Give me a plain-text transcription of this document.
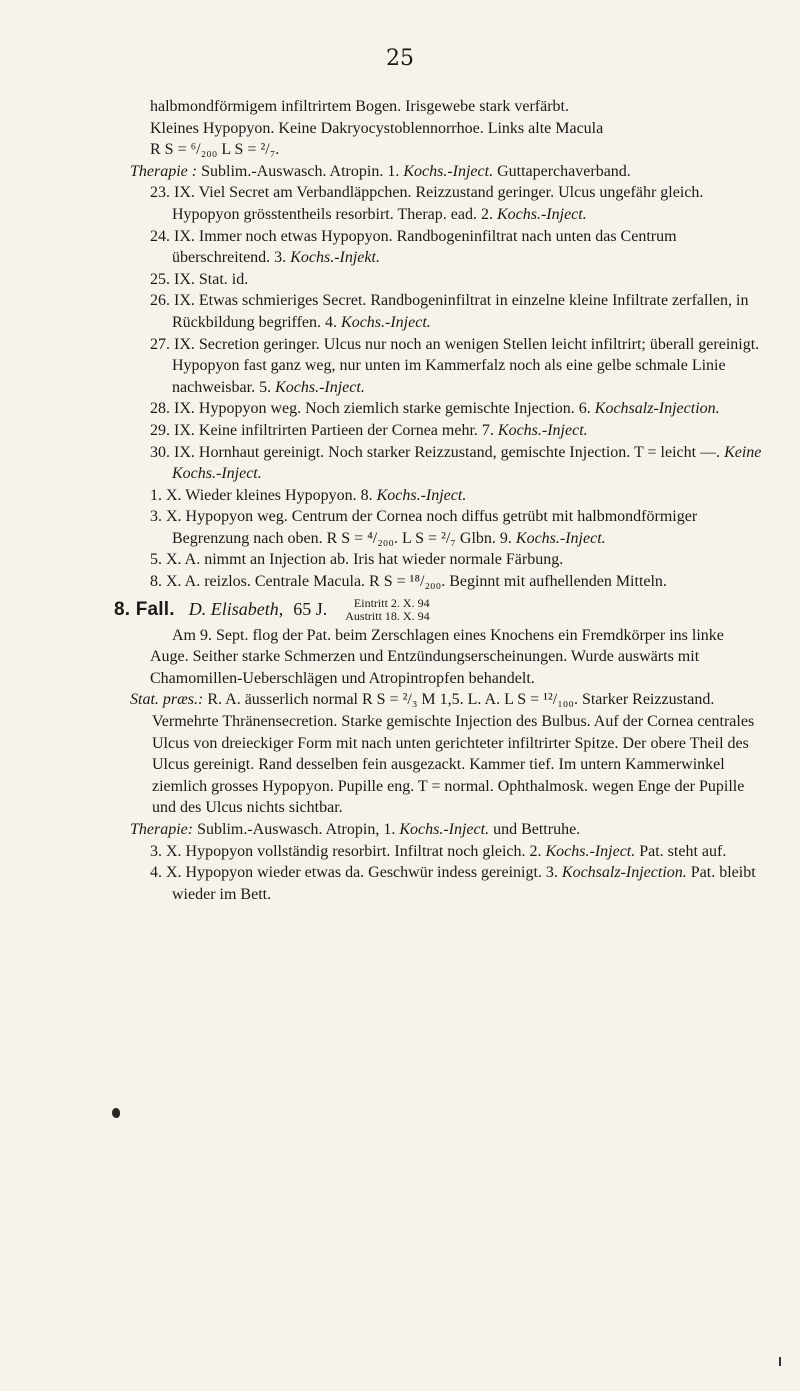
25

halbmondförmigem infiltrirtem Bogen. Irisgewebe stark verfärbt.

Kleines Hypopyon. Keine Dakryocystoblennorrhoe. Links alte Macula

R S = ⁶/₂₀₀ L S = ²/₇.

Therapie : Sublim.-Auswasch. Atropin. 1. Kochs.-Inject. Guttaperchaverband.

23. IX. Viel Secret am Verbandläppchen. Reizzustand geringer. Ulcus ungefähr gleich. Hypopyon grösstentheils resorbirt. Therap. ead. 2. Kochs.-Inject.

24. IX. Immer noch etwas Hypopyon. Randbogeninfiltrat nach unten das Centrum überschreitend. 3. Kochs.-Injekt.

25. IX. Stat. id.

26. IX. Etwas schmieriges Secret. Randbogeninfiltrat in einzelne kleine Infiltrate zerfallen, in Rückbildung begriffen. 4. Kochs.-Inject.

27. IX. Secretion geringer. Ulcus nur noch an wenigen Stellen leicht infiltrirt; überall gereinigt. Hypopyon fast ganz weg, nur unten im Kammerfalz noch als eine gelbe schmale Linie nachweisbar. 5. Kochs.-Inject.

28. IX. Hypopyon weg. Noch ziemlich starke gemischte Injection. 6. Kochsalz-Injection.

29. IX. Keine infiltrirten Partieen der Cornea mehr. 7. Kochs.-Inject.

30. IX. Hornhaut gereinigt. Noch starker Reizzustand, gemischte Injection. T = leicht —. Keine Kochs.-Inject.

1. X. Wieder kleines Hypopyon. 8. Kochs.-Inject.

3. X. Hypopyon weg. Centrum der Cornea noch diffus getrübt mit halbmondförmiger Begrenzung nach oben. R S = ⁴/₂₀₀. L S = ²/₇ Glbn. 9. Kochs.-Inject.

5. X. A. nimmt an Injection ab. Iris hat wieder normale Färbung.

8. X. A. reizlos. Centrale Macula. R S = ¹⁸/₂₀₀. Beginnt mit aufhellenden Mitteln.

8. Fall. D. Elisabeth, 65 J.	Eintritt 2. X. 94
Austritt 18. X. 94

Am 9. Sept. flog der Pat. beim Zerschlagen eines Knochens ein Fremdkörper ins linke Auge. Seither starke Schmerzen und Entzündungserscheinungen. Wurde auswärts mit Chamomillen-Ueberschlägen und Atropintropfen behandelt.

Stat. præs.: R. A. äusserlich normal R S = ²/₃ M 1,5. L. A. L S = ¹²/₁₀₀. Starker Reizzustand. Vermehrte Thränensecretion. Starke gemischte Injection des Bulbus. Auf der Cornea centrales Ulcus von dreieckiger Form mit nach unten gerichteter infiltrirter Spitze. Der obere Theil des Ulcus gereinigt. Rand desselben fein ausgezackt. Kammer tief. Im untern Kammerwinkel ziemlich grosses Hypopyon. Pupille eng. T = normal. Ophthalmosk. wegen Enge der Pupille und des Ulcus nichts sichtbar.

Therapie: Sublim.-Auswasch. Atropin, 1. Kochs.-Inject. und Bettruhe.

3. X. Hypopyon vollständig resorbirt. Infiltrat noch gleich. 2. Kochs.-Inject. Pat. steht auf.

4. X. Hypopyon wieder etwas da. Geschwür indess gereinigt. 3. Kochsalz-Injection. Pat. bleibt wieder im Bett.
